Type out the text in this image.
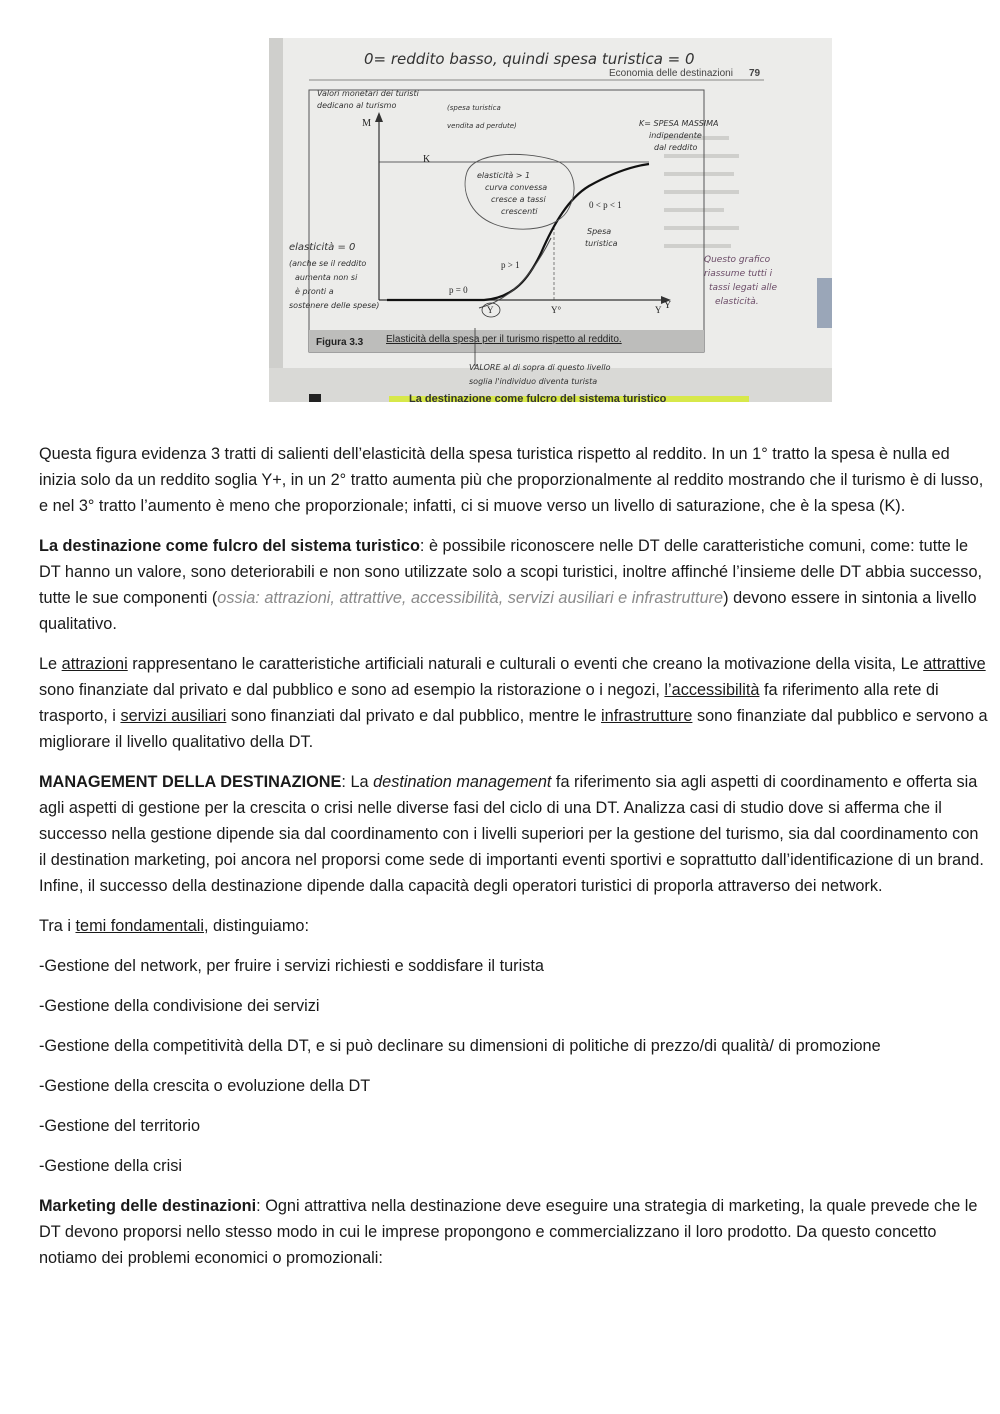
Figura 3.3 Elasticità della spesa per il turismo rispetto al reddito.
Economia delle destinazioni 79
M
K
p = 0
p > 1
0 < p < 1
Y	Y°	Y Y
0= reddito basso, quindi spesa turistica = 0
Valori monetari dei turisti
dedicano al turismo	(spesa turistica
vendita ad perdute)	K= SPESA MASSIMA
indipendente
dal reddito
elasticità > 1
curva convessa
cresce a tassi
crescenti
Spesa
turistica
elasticità = 0
(anche se il reddito
aumenta non si
è pronti a
sostenere delle spese)
Questo grafico
riassume tutti i
tassi legati alle
elasticità.
VALORE al di sopra di questo livello
soglia l'individuo diventa turista
La destinazione come fulcro del sistema turistico

Questa figura evidenza 3 tratti di salienti dell’elasticità della spesa turistica rispetto al reddito. In un 1° tratto la spesa è nulla ed inizia solo da un reddito soglia Y+, in un 2° tratto aumenta più che proporzionalmente al reddito mostrando che il turismo è di lusso, e nel 3° tratto l’aumento è meno che proporzionale; infatti, ci si muove verso un livello di saturazione, che è la spesa (K).

La destinazione come fulcro del sistema turistico: è possibile riconoscere nelle DT delle caratteristiche comuni, come: tutte le DT hanno un valore, sono deteriorabili e non sono utilizzate solo a scopi turistici, inoltre affinché l’insieme delle DT abbia successo, tutte le sue componenti (ossia: attrazioni, attrattive, accessibilità, servizi ausiliari e infrastrutture) devono essere in sintonia a livello qualitativo.

Le attrazioni rappresentano le caratteristiche artificiali naturali e culturali o eventi che creano la motivazione della visita, Le attrattive sono finanziate dal privato e dal pubblico e sono ad esempio la ristorazione o i negozi, l’accessibilità fa riferimento alla rete di trasporto, i servizi ausiliari sono finanziati dal privato e dal pubblico, mentre le infrastrutture sono finanziate dal pubblico e servono a migliorare il livello qualitativo della DT.

MANAGEMENT DELLA DESTINAZIONE: La destination management fa riferimento sia agli aspetti di coordinamento e offerta sia agli aspetti di gestione per la crescita o crisi nelle diverse fasi del ciclo di una DT. Analizza casi di studio dove si afferma che il successo nella gestione dipende sia dal coordinamento con i livelli superiori per la gestione del turismo, sia dal coordinamento con il destination marketing, poi ancora nel proporsi come sede di importanti eventi sportivi e soprattutto dall’identificazione di un brand. Infine, il successo della destinazione dipende dalla capacità degli operatori turistici di proporla attraverso dei network.

Tra i temi fondamentali, distinguiamo:

-Gestione del network, per fruire i servizi richiesti e soddisfare il turista

-Gestione della condivisione dei servizi

-Gestione della competitività della DT, e si può declinare su dimensioni di politiche di prezzo/di qualità/ di promozione

-Gestione della crescita o evoluzione della DT

-Gestione del territorio

-Gestione della crisi

Marketing delle destinazioni: Ogni attrattiva nella destinazione deve eseguire una strategia di marketing, la quale prevede che le DT devono proporsi nello stesso modo in cui le imprese propongono e commercializzano il loro prodotto. Da questo concetto notiamo dei problemi economici o promozionali:
